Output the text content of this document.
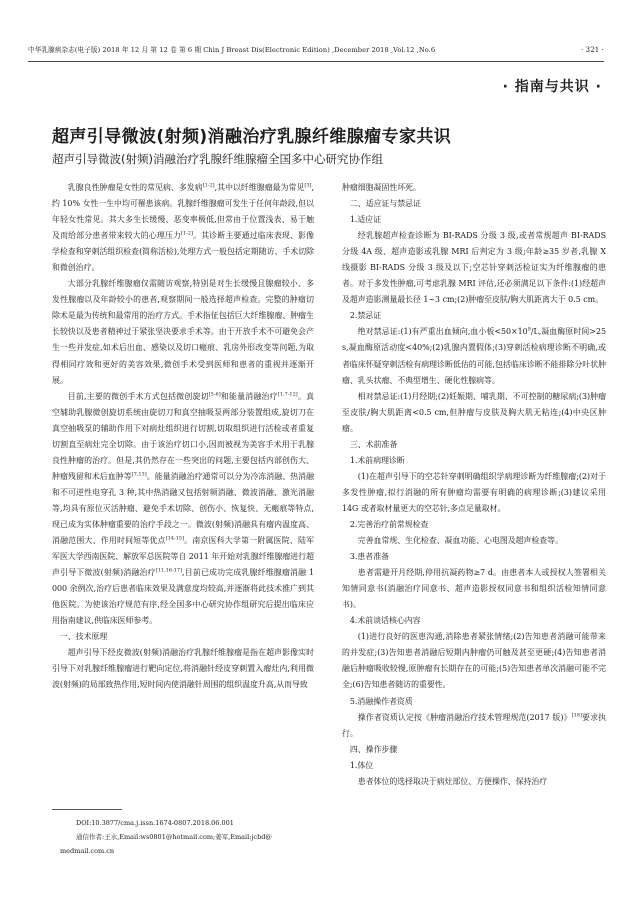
中华乳腺病杂志(电子版) 2018 年 12 月 第 12 卷 第 6 期 Chin J Breast Dis(Electronic Edition) ,December 2018 ,Vol.12 ,No.6	· 321 ·
· 指南与共识 ·
超声引导微波(射频)消融治疗乳腺纤维腺瘤专家共识
超声引导微波(射频)消融治疗乳腺纤维腺瘤全国多中心研究协作组

乳腺良性肿瘤是女性的常见病、多发病[1-2],其中以纤维腺瘤最为常见[3],约 10% 女性一生中均可罹患该病。乳腺纤维腺瘤可发生于任何年龄段,但以年轻女性常见。其大多生长缓慢、恶变率极低,但常由于位置浅表、易于触及而给部分患者带来较大的心理压力[1-2]。其诊断主要通过临床表现、影像学检查和穿刺活组织检查(简称活检),处理方式一般包括定期随访、手术切除和微创治疗。

大部分乳腺纤维腺瘤仅需随访观察,特别是对生长缓慢且腺瘤较小、多发性腺瘤以及年龄较小的患者,观察期间一般选择超声检查。完整的肿瘤切除术是最为传统和最常用的治疗方式。手术指征包括巨大纤维腺瘤、肿瘤生长较快以及患者精神过于紧张坚决要求手术等。由于开放手术不可避免会产生一些并发症,如术后出血、感染以及切口瘢痕、乳房外形改变等问题,为取得相同疗效和更好的美容效果,微创手术受到医师和患者的重视并逐渐开展。

目前,主要的微创手术方式包括微创旋切[5-6]和能量消融治疗[1,7-12]。真空辅助乳腺微创旋切系统由旋切刀和真空抽吸泵两部分装置组成,旋切刀在真空抽吸泵的辅助作用下对病灶组织进行切割,切取组织进行活检或者重复切割直至病灶完全切除。由于该治疗切口小,因而被视为美容手术用于乳腺良性肿瘤的治疗。但是,其仍然存在一些突出的问题,主要包括内部创伤大、肿瘤残留和术后血肿等[7,13]。能量消融治疗通常可以分为冷冻消融、热消融和不可逆性电穿孔 3 种,其中热消融又包括射频消融、微波消融、激光消融等,均具有原位灭活肿瘤、避免手术切除、创伤小、恢复快、无瘢痕等特点,现已成为实体肿瘤重要的治疗手段之一。微波(射频)消融具有瘤内温度高、消融范围大、作用时间短等优点[14-15]。南京医科大学第一附属医院、陆军军医大学西南医院、解放军总医院等自 2011 年开始对乳腺纤维腺瘤进行超声引导下微波(射频)消融治疗[11,16-17],目前已成功完成乳腺纤维腺瘤消融 1 000 余例次,治疗后患者临床效果及满意度均较高,并逐渐将此技术推广到其他医院。为使该治疗规范有序,经全国多中心研究协作组研究后提出临床应用指南建议,供临床医师参考。

一、技术原理

超声引导下经皮微波(射频)消融治疗乳腺纤维腺瘤是指在超声影像实时引导下对乳腺纤维腺瘤进行靶向定位,将消融针经皮穿刺置入瘤灶内,利用微波(射频)的局部致热作用,短时间内使消融针周围的组织温度升高,从而导致

肿瘤细胞凝固性坏死。

二、适应证与禁忌证

1.适应证

经乳腺超声检查诊断为 BI-RADS 分级 3 级,或者常规超声 BI-RADS 分级 4A 级、超声造影或乳腺 MRI 后判定为 3 级;年龄≥35 岁者,乳腺 X 线摄影 BI-RADS 分级 3 级及以下;空芯针穿刺活检证实为纤维腺瘤的患者。对于多发性肿瘤,可考虑乳腺 MRI 评估,还必须满足以下条件:(1)经超声及超声造影测量最长径 1~3 cm;(2)肿瘤至皮肤/胸大肌距离大于 0.5 cm。

2.禁忌证

绝对禁忌证:(1)有严重出血倾向,血小板$<50\times 10^9/L$,凝血酶原时间>25 s,凝血酶原活动度<40%;(2)乳腺内置假体;(3)穿刺活检病理诊断不明确,或者临床怀疑穿刺活检有病理诊断低估的可能,包括临床诊断不能排除分叶状肿瘤、乳头状瘤、不典型增生、硬化性腺病等。

相对禁忌证:(1)月经期;(2)妊娠期、哺乳期、不可控制的糖尿病;(3)肿瘤至皮肤/胸大肌距离<0.5 cm,但肿瘤与皮肤及胸大肌无粘连;(4)中央区肿瘤。

三、术前准备

1.术前病理诊断

(1)在超声引导下的空芯针穿刺明确组织学病理诊断为纤维腺瘤;(2)对于多发性肿瘤,拟行消融的所有肿瘤均需要有明确的病理诊断;(3)建议采用 14G 或者取材量更大的空芯针,多点足量取材。

2.完善治疗前常规检查

完善血常规、生化检查、凝血功能、心电图及超声检查等。

3.患者准备

患者需避开月经期,停用抗凝药物≥7 d。由患者本人或授权人签署相关知情同意书(消融治疗同意书、超声造影授权同意书和组织活检知情同意书)。

4.术前谈话核心内容

(1)进行良好的医患沟通,消除患者紧张情绪;(2)告知患者消融可能带来的并发症;(3)告知患者消融后短期内肿瘤仍可触及甚至更硬;(4)告知患者消融后肿瘤吸收较慢,原肿瘤有长期存在的可能;(5)告知患者单次消融可能不完全;(6)告知患者随访的重要性。

5.消融操作者资质

操作者资质认定按《肿瘤消融治疗技术管理规范(2017 版)》[18]要求执行。

四、操作步骤

1.体位

患者体位的选择取决于病灶部位、方便操作、保持治疗

DOI:10.3877/cma.j.issn.1674-0807.2018.06.001
通信作者:王水,Email:ws0801@hotmail.com;姜军,Email:jcbd@
medmail.com.cn
